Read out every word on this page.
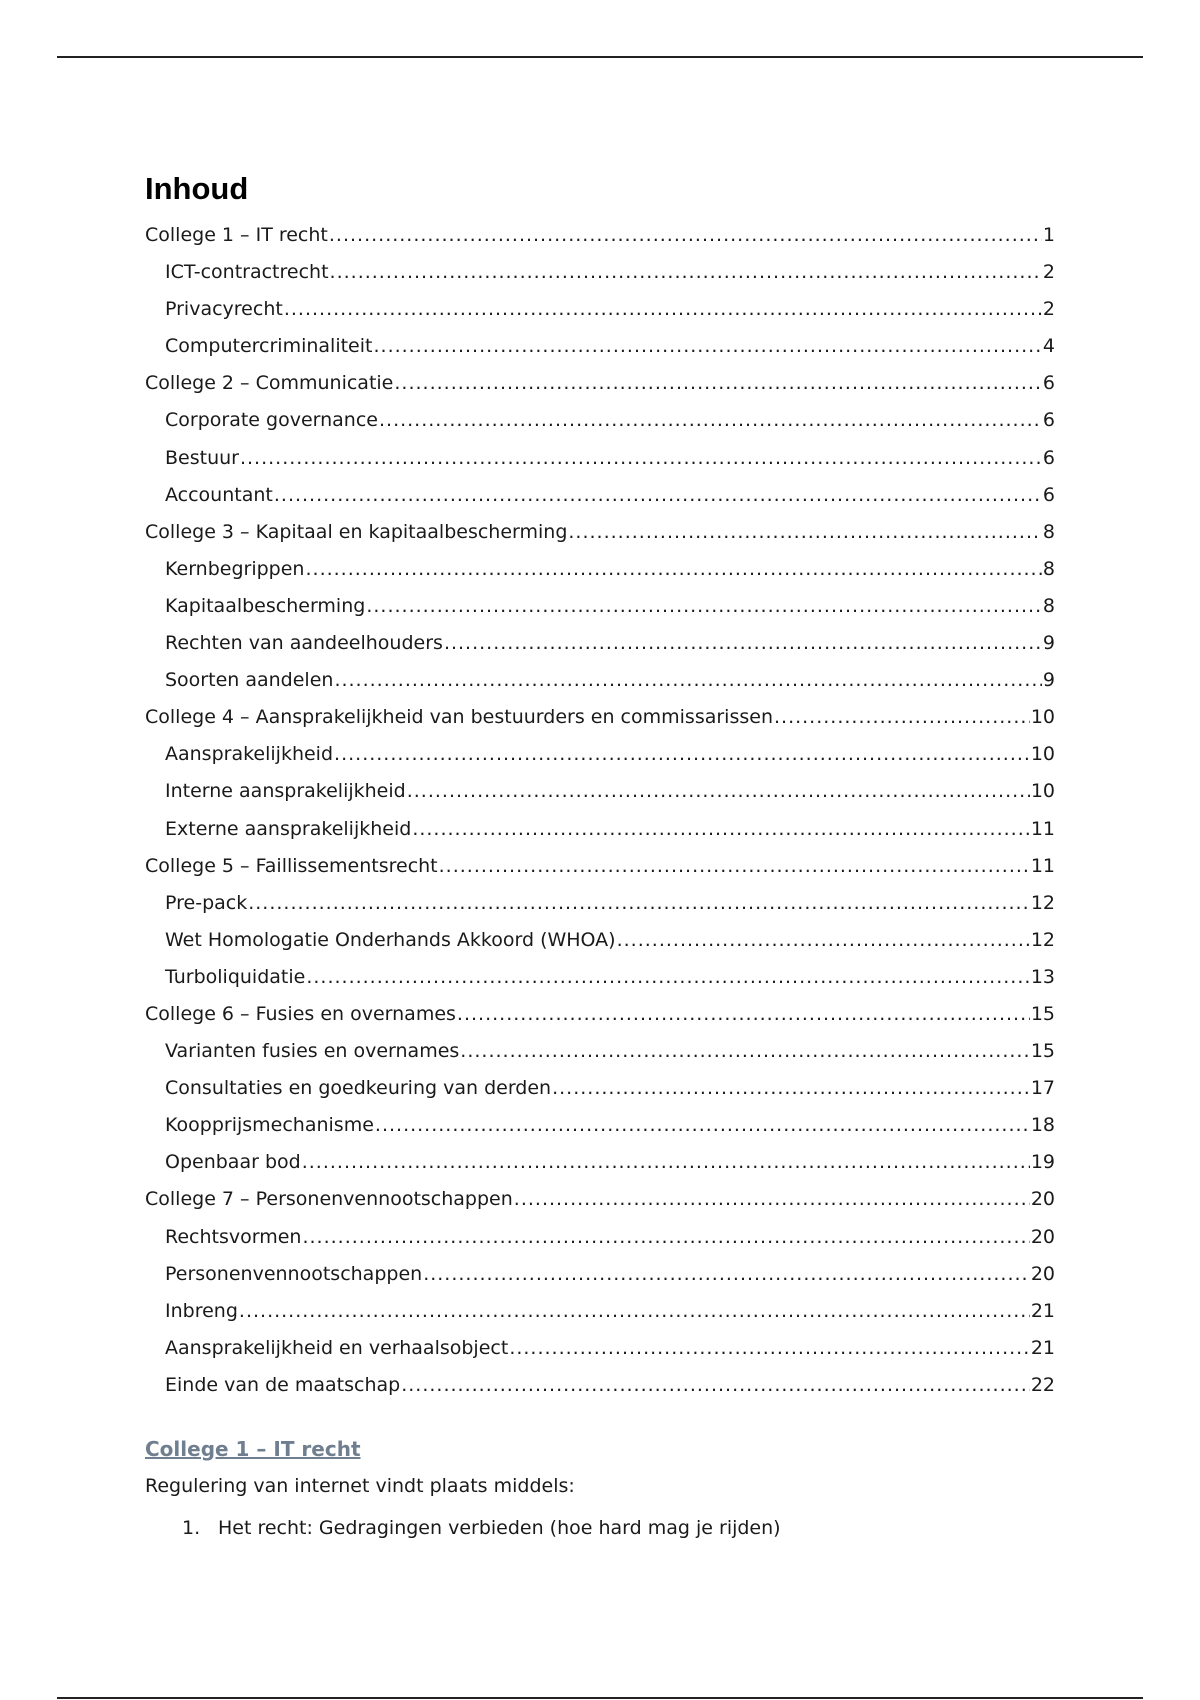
Inhoud
College 1 – IT recht .....	1
ICT-contractrecht .....	2
Privacyrecht .....	2
Computercriminaliteit .....	4
College 2 – Communicatie .....	6
Corporate governance .....	6
Bestuur .....	6
Accountant .....	6
College 3 – Kapitaal en kapitaalbescherming .....	8
Kernbegrippen .....	8
Kapitaalbescherming .....	8
Rechten van aandeelhouders .....	9
Soorten aandelen .....	9
College 4 – Aansprakelijkheid van bestuurders en commissarissen .....	10
Aansprakelijkheid .....	10
Interne aansprakelijkheid .....	10
Externe aansprakelijkheid .....	11
College 5 – Faillissementsrecht .....	11
Pre-pack .....	12
Wet Homologatie Onderhands Akkoord (WHOA) .....	12
Turboliquidatie .....	13
College 6 – Fusies en overnames .....	15
Varianten fusies en overnames .....	15
Consultaties en goedkeuring van derden .....	17
Koopprijsmechanisme .....	18
Openbaar bod .....	19
College 7 – Personenvennootschappen .....	20
Rechtsvormen .....	20
Personenvennootschappen .....	20
Inbreng .....	21
Aansprakelijkheid en verhaalsobject .....	21
Einde van de maatschap .....	22
College 1 – IT recht

Regulering van internet vindt plaats middels:

1. Het recht: Gedragingen verbieden (hoe hard mag je rijden)
